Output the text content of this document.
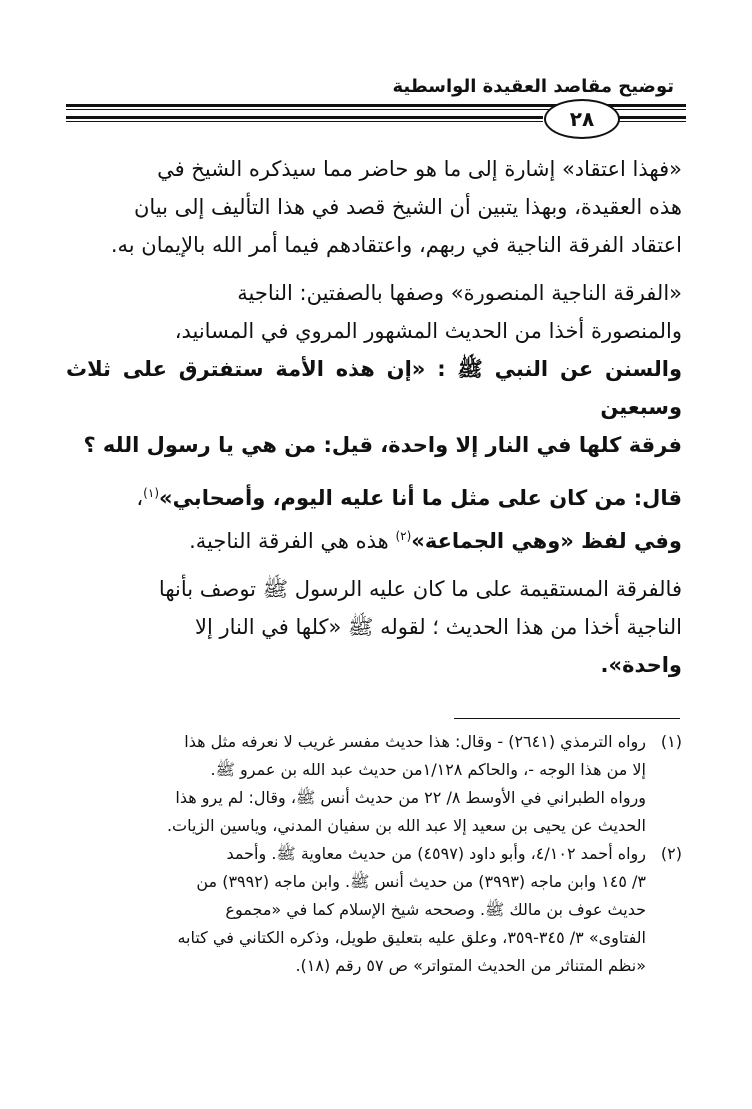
توضيح مقاصد العقيدة الواسطية
٢٨

«فهذا اعتقاد» إشارة إلى ما هو حاضر مما سيذكره الشيخ في

هذه العقيدة، وبهذا يتبين أن الشيخ قصد في هذا التأليف إلى بيان

اعتقاد الفرقة الناجية في ربهم، واعتقادهم فيما أمر الله بالإيمان به.

«الفرقة الناجية المنصورة» وصفها بالصفتين: الناجية

والمنصورة أخذا من الحديث المشهور المروي في المسانيد،

والسنن عن النبي ﷺ : «إن هذه الأمة ستفترق على ثلاث وسبعين

فرقة كلها في النار إلا واحدة، قيل: من هي يا رسول الله ؟

قال: من كان على مثل ما أنا عليه اليوم، وأصحابي»$^{(١)}$،

وفي لفظ «وهي الجماعة»$^{(٢)}$ هذه هي الفرقة الناجية.

فالفرقة المستقيمة على ما كان عليه الرسول ﷺ توصف بأنها

الناجية أخذا من هذا الحديث ؛ لقوله ﷺ «كلها في النار إلا

واحدة».

(١)

رواه الترمذي (٢٦٤١) - وقال: هذا حديث مفسر غريب لا نعرفه مثل هذا

إلا من هذا الوجه -، والحاكم ١/١٢٨من حديث عبد الله بن عمرو ﷺ.

ورواه الطبراني في الأوسط ٨/ ٢٢ من حديث أنس ﷺ، وقال: لم يرو هذا

الحديث عن يحيى بن سعيد إلا عبد الله بن سفيان المدني، وياسين الزيات.

(٢)

رواه أحمد ٤/١٠٢، وأبو داود (٤٥٩٧) من حديث معاوية ﷺ. وأحمد

٣/ ١٤٥ وابن ماجه (٣٩٩٣) من حديث أنس ﷺ. وابن ماجه (٣٩٩٢) من

حديث عوف بن مالك ﷺ. وصححه شيخ الإسلام كما في «مجموع

الفتاوى» ٣/ ٣٤٥-٣٥٩، وعلق عليه بتعليق طويل، وذكره الكتاني في كتابه

«نظم المتناثر من الحديث المتواتر» ص ٥٧ رقم (١٨).
